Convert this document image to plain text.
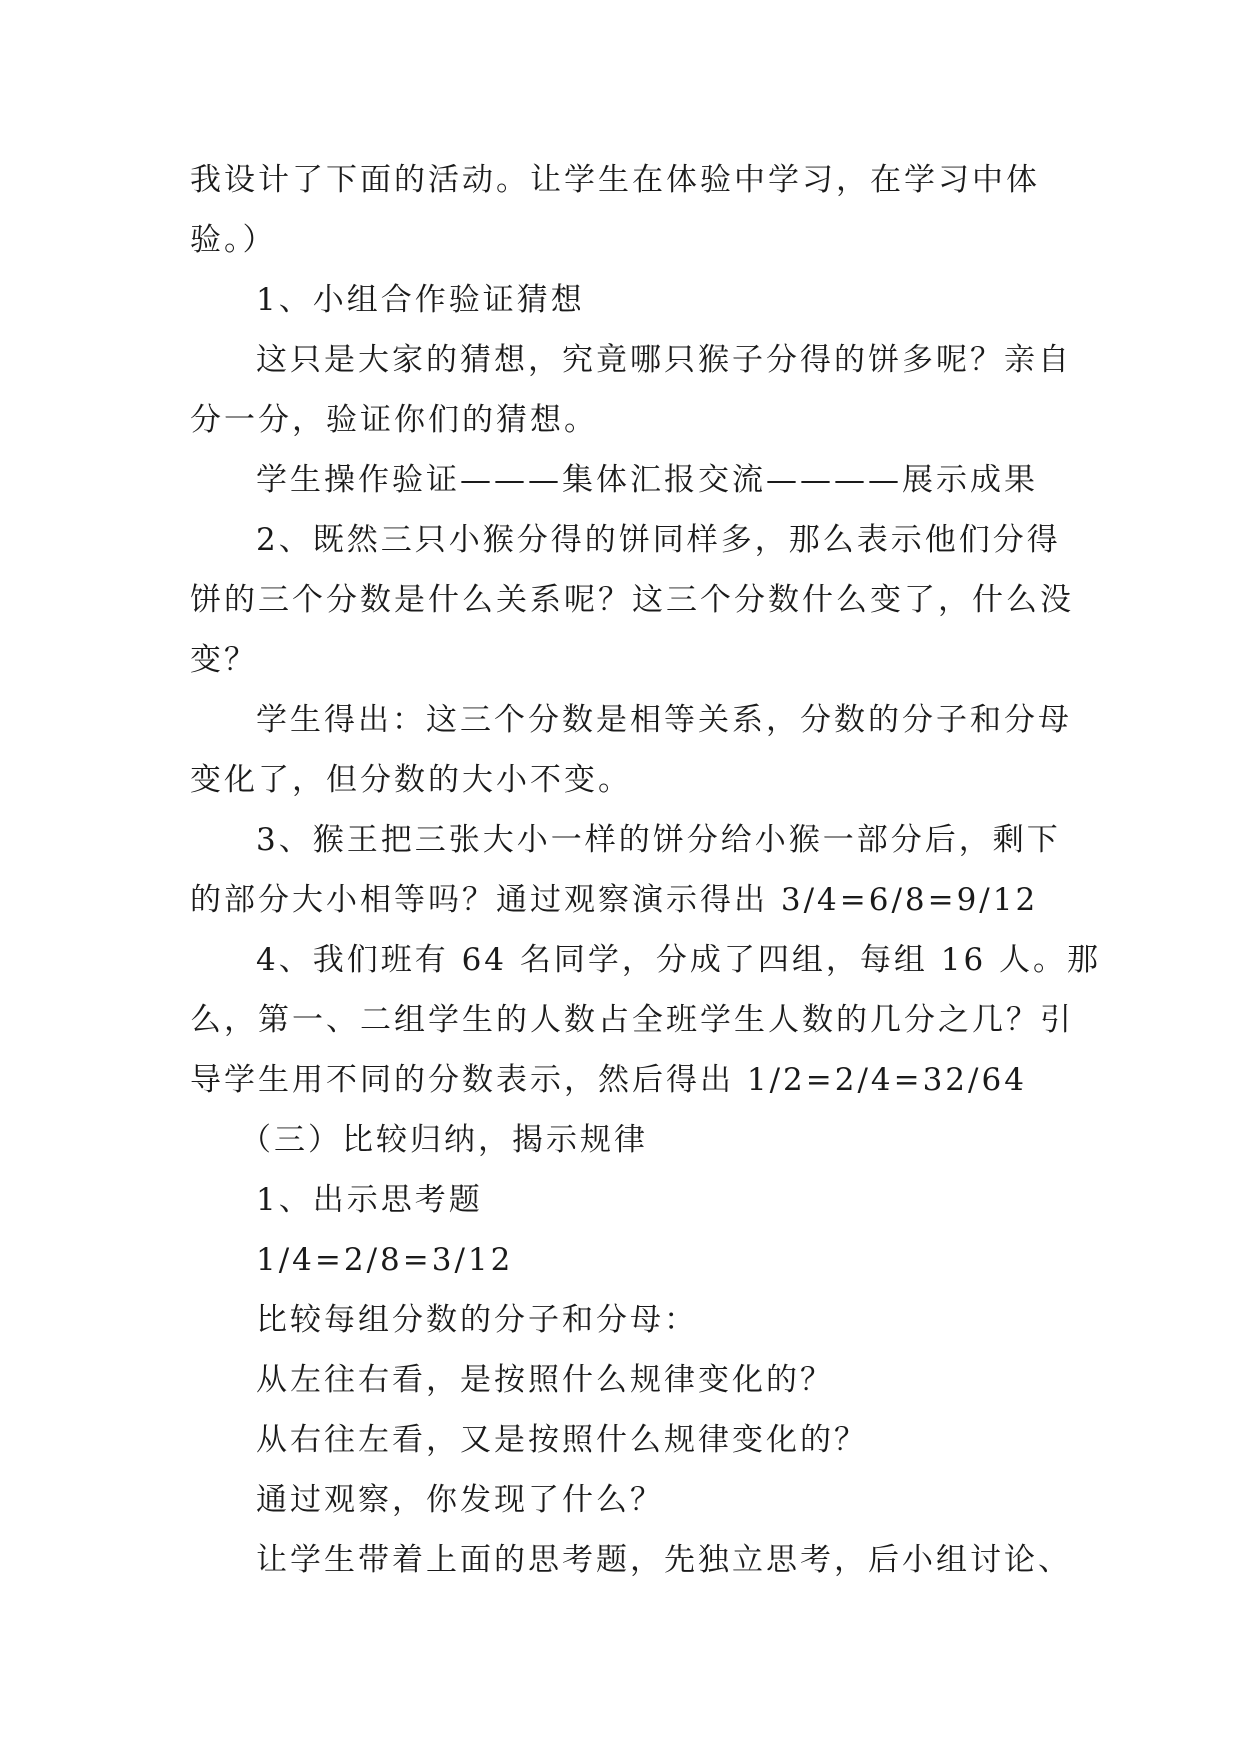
我设计了下面的活动。让学生在体验中学习，在学习中体
验。）
1、小组合作验证猜想
这只是大家的猜想，究竟哪只猴子分得的饼多呢？亲自
分一分，验证你们的猜想。
学生操作验证———集体汇报交流————展示成果
2、既然三只小猴分得的饼同样多，那么表示他们分得
饼的三个分数是什么关系呢？这三个分数什么变了，什么没
变？
学生得出：这三个分数是相等关系，分数的分子和分母
变化了，但分数的大小不变。
3、猴王把三张大小一样的饼分给小猴一部分后，剩下
的部分大小相等吗？通过观察演示得出 3/4=6/8=9/12
4、我们班有 64 名同学，分成了四组，每组 16 人。那
么，第一、二组学生的人数占全班学生人数的几分之几？引
导学生用不同的分数表示，然后得出 1/2=2/4=32/64
（三）比较归纳，揭示规律
1、出示思考题
1/4=2/8=3/12
比较每组分数的分子和分母：
从左往右看，是按照什么规律变化的？
从右往左看，又是按照什么规律变化的？
通过观察，你发现了什么？
让学生带着上面的思考题，先独立思考，后小组讨论、
